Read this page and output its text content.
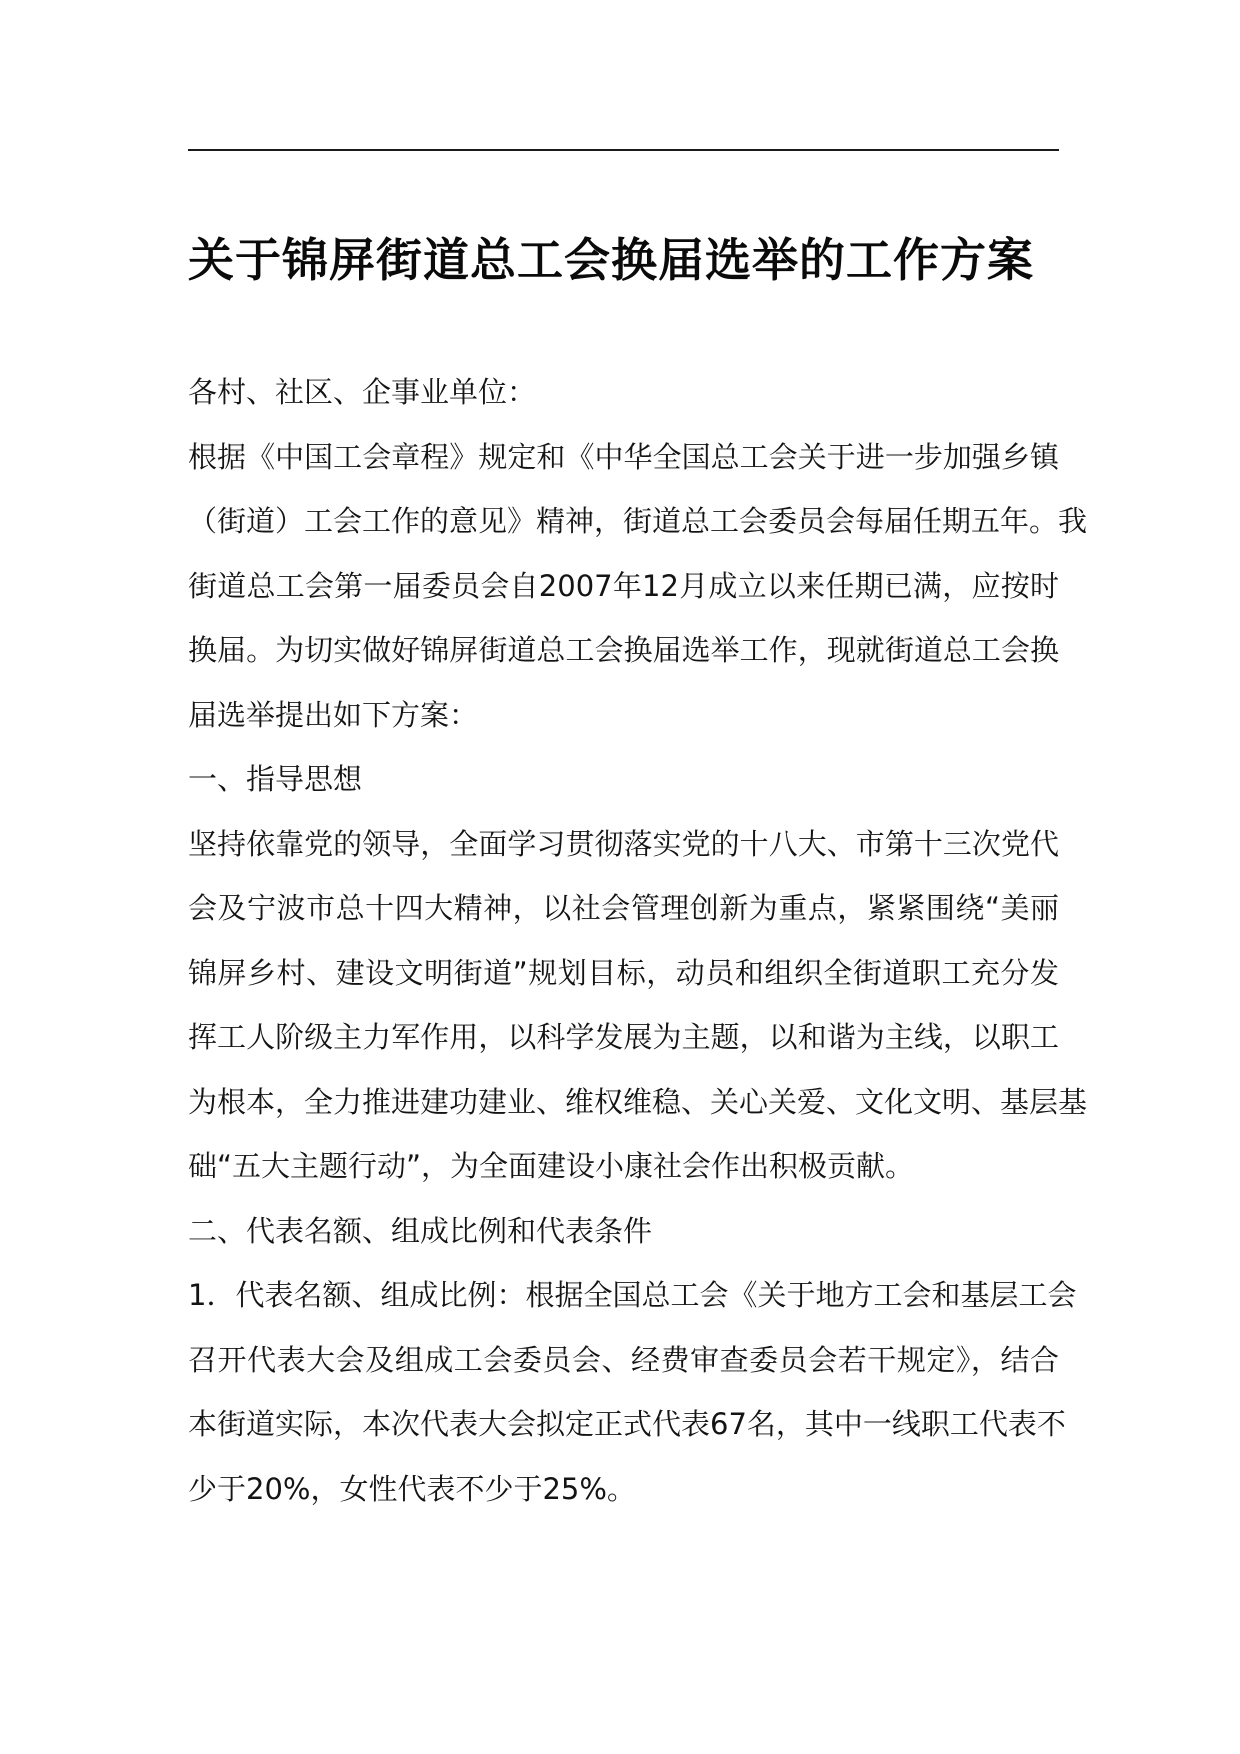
关于锦屏街道总工会换届选举的工作方案
各村、社区、企事业单位：
根据《中国工会章程》规定和《中华全国总工会关于进一步加强乡镇
（街道）工会工作的意见》精神，街道总工会委员会每届任期五年。我
街道总工会第一届委员会自2007年12月成立以来任期已满，应按时
换届。为切实做好锦屏街道总工会换届选举工作，现就街道总工会换
届选举提出如下方案：
一、指导思想
坚持依靠党的领导，全面学习贯彻落实党的十八大、市第十三次党代
会及宁波市总十四大精神，以社会管理创新为重点，紧紧围绕“美丽
锦屏乡村、建设文明街道”规划目标，动员和组织全街道职工充分发
挥工人阶级主力军作用，以科学发展为主题，以和谐为主线，以职工
为根本，全力推进建功建业、维权维稳、关心关爱、文化文明、基层基
础“五大主题行动”，为全面建设小康社会作出积极贡献。
二、代表名额、组成比例和代表条件
1．代表名额、组成比例：根据全国总工会《关于地方工会和基层工会
召开代表大会及组成工会委员会、经费审查委员会若干规定》，结合
本街道实际，本次代表大会拟定正式代表67名，其中一线职工代表不
少于20%，女性代表不少于25%。
